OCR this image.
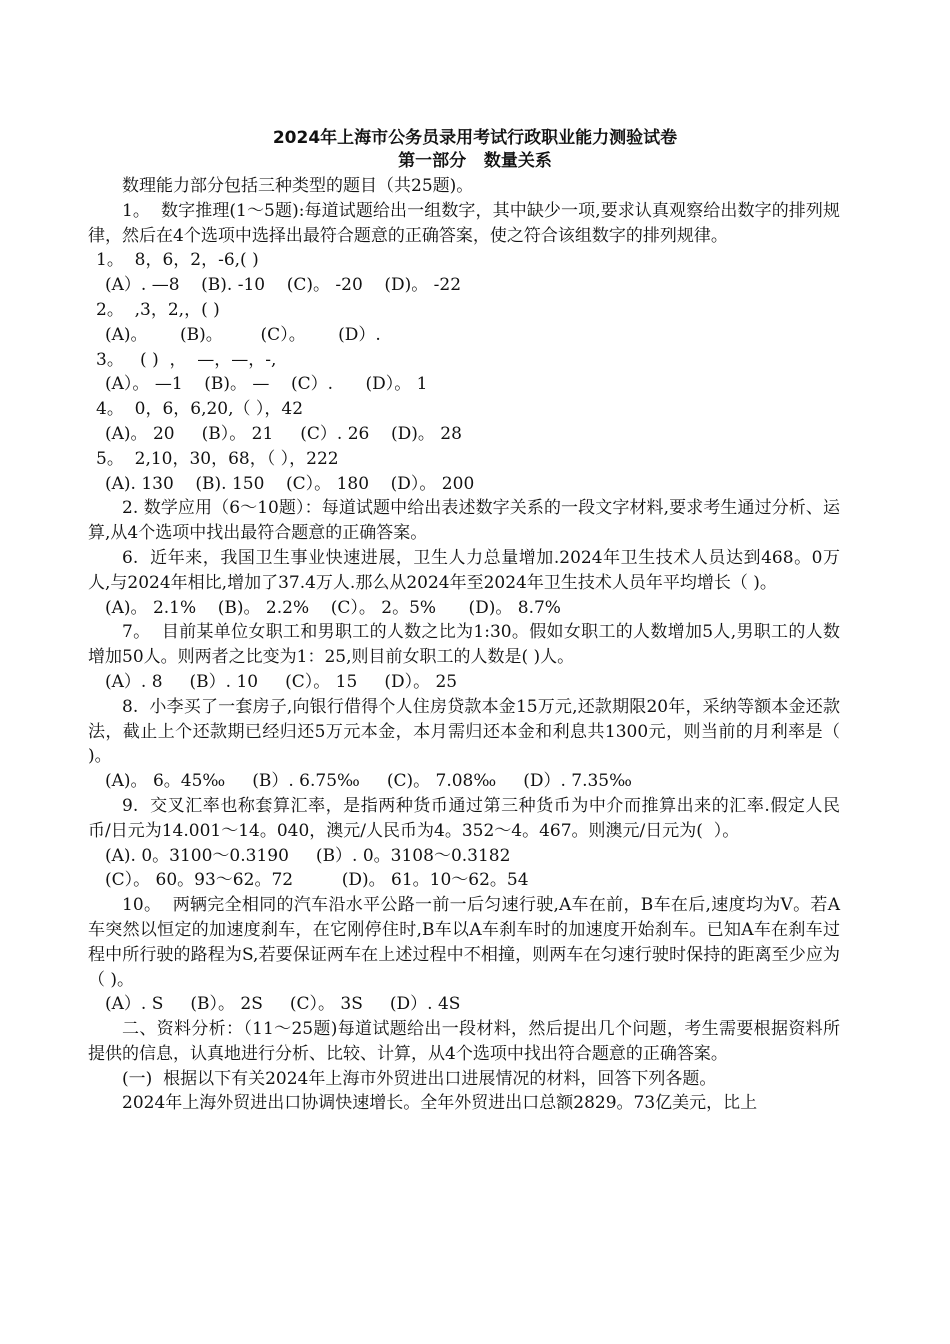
2024年上海市公务员录用考试行政职业能力测验试卷

第一部分   数量关系

数理能力部分包括三种类型的题目（共25题)。

1。  数字推理(1～5题):每道试题给出一组数字，其中缺少一项,要求认真观察给出数字的排列规律，然后在4个选项中选择出最符合题意的正确答案，使之符合该组数字的排列规律。

1。  8，6，2，-6,( )

(A）. —8    (B). -10    (C)。 -20    (D)。 -22

2。  ,3，2,，( )

(A)。      (B)。       (C）。      (D）.

3。   ( )  ，  —，—，-,

(A）。 —1    (B)。 —    (C）.      (D）。 1

4。  0，6，6,20,（ ），42

(A)。 20     (B）。 21     (C）. 26    (D)。 28

5。  2,10，30，68，（ ），222

(A). 130    (B). 150    (C）。 180    (D）。 200

2. 数学应用（6～10题）：每道试题中给出表述数字关系的一段文字材料,要求考生通过分析、运算,从4个选项中找出最符合题意的正确答案。

6.  近年来，我国卫生事业快速进展，卫生人力总量增加.2024年卫生技术人员达到468。0万人,与2024年相比,增加了37.4万人.那么从2024年至2024年卫生技术人员年平均增长（ )。

(A)。 2.1%    (B)。 2.2%    (C）。 2。5%      (D)。 8.7%

7。  目前某单位女职工和男职工的人数之比为1:30。假如女职工的人数增加5人,男职工的人数增加50人。则两者之比变为1：25,则目前女职工的人数是( )人。

(A）. 8     (B）. 10     (C）。 15     (D）。 25

8.  小李买了一套房子,向银行借得个人住房贷款本金15万元,还款期限20年，采纳等额本金还款法，截止上个还款期已经归还5万元本金，本月需归还本金和利息共1300元，则当前的月利率是（ )。

(A)。 6。45‰     (B）. 6.75‰     (C)。 7.08‰     (D）. 7.35‰

9.  交叉汇率也称套算汇率，是指两种货币通过第三种货币为中介而推算出来的汇率.假定人民币/日元为14.001～14。040，澳元/人民币为4。352～4。467。则澳元/日元为(  ）。

(A). 0。3100～0.3190     (B）. 0。3108～0.3182

(C）。 60。93～62。72         (D)。 61。10～62。54

10。  两辆完全相同的汽车沿水平公路一前一后匀速行驶,A车在前，B车在后,速度均为V。若A车突然以恒定的加速度刹车，在它刚停住时,B车以A车刹车时的加速度开始刹车。已知A车在刹车过程中所行驶的路程为S,若要保证两车在上述过程中不相撞，则两车在匀速行驶时保持的距离至少应为（ )。

(A）. S     (B）。 2S     (C）。 3S     (D）. 4S

二、资料分析：（11～25题)每道试题给出一段材料，然后提出几个问题，考生需要根据资料所提供的信息，认真地进行分析、比较、计算，从4个选项中找出符合题意的正确答案。

(一)  根据以下有关2024年上海市外贸进出口进展情况的材料，回答下列各题。

2024年上海外贸进出口协调快速增长。全年外贸进出口总额2829。73亿美元，比上
